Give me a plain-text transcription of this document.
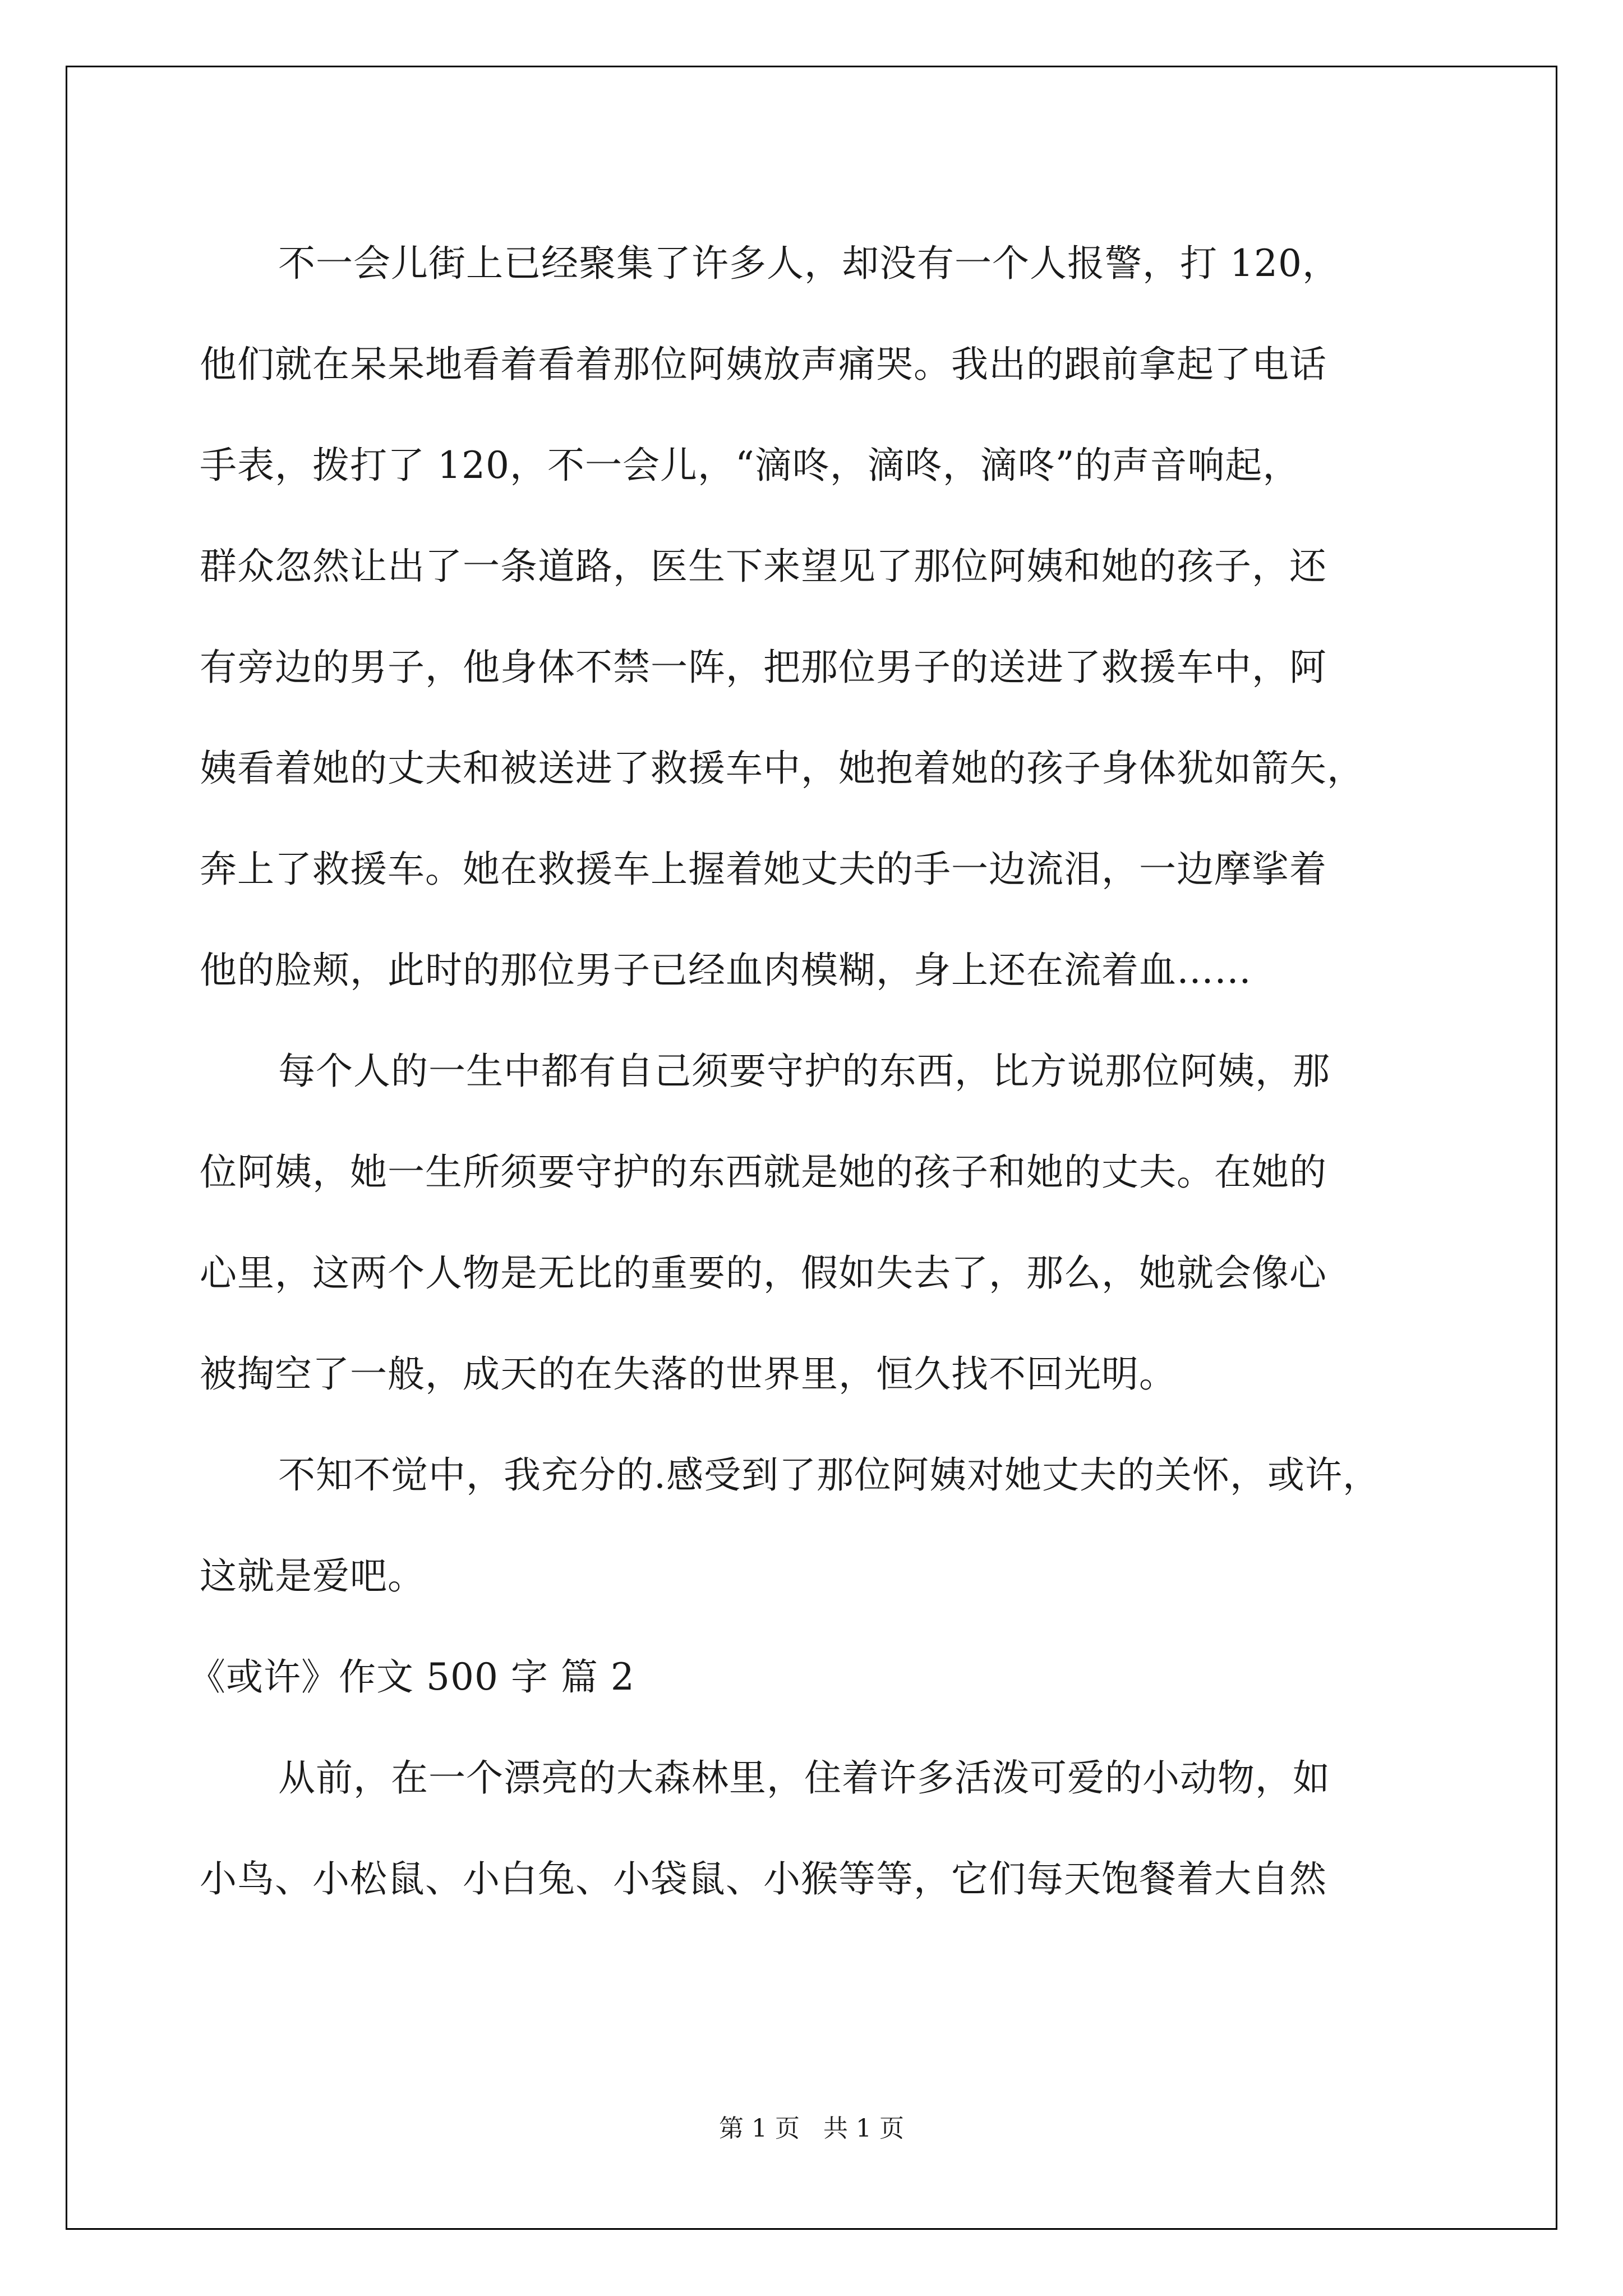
不一会儿街上已经聚集了许多人，却没有一个人报警，打 120，
他们就在呆呆地看着看着那位阿姨放声痛哭。我出的跟前拿起了电话
手表，拨打了 120，不一会儿，“滴咚，滴咚，滴咚”的声音响起，
群众忽然让出了一条道路，医生下来望见了那位阿姨和她的孩子，还
有旁边的男子，他身体不禁一阵，把那位男子的送进了救援车中，阿
姨看着她的丈夫和被送进了救援车中，她抱着她的孩子身体犹如箭矢，
奔上了救援车。她在救援车上握着她丈夫的手一边流泪，一边摩挲着
他的脸颊，此时的那位男子已经血肉模糊，身上还在流着血……
每个人的一生中都有自己须要守护的东西，比方说那位阿姨，那
位阿姨，她一生所须要守护的东西就是她的孩子和她的丈夫。在她的
心里，这两个人物是无比的重要的，假如失去了，那么，她就会像心
被掏空了一般，成天的在失落的世界里，恒久找不回光明。
不知不觉中，我充分的.感受到了那位阿姨对她丈夫的关怀，或许，
这就是爱吧。
《或许》作文 500 字 篇 2
从前，在一个漂亮的大森林里，住着许多活泼可爱的小动物，如
小鸟、小松鼠、小白兔、小袋鼠、小猴等等，它们每天饱餐着大自然
第 1 页   共 1 页
